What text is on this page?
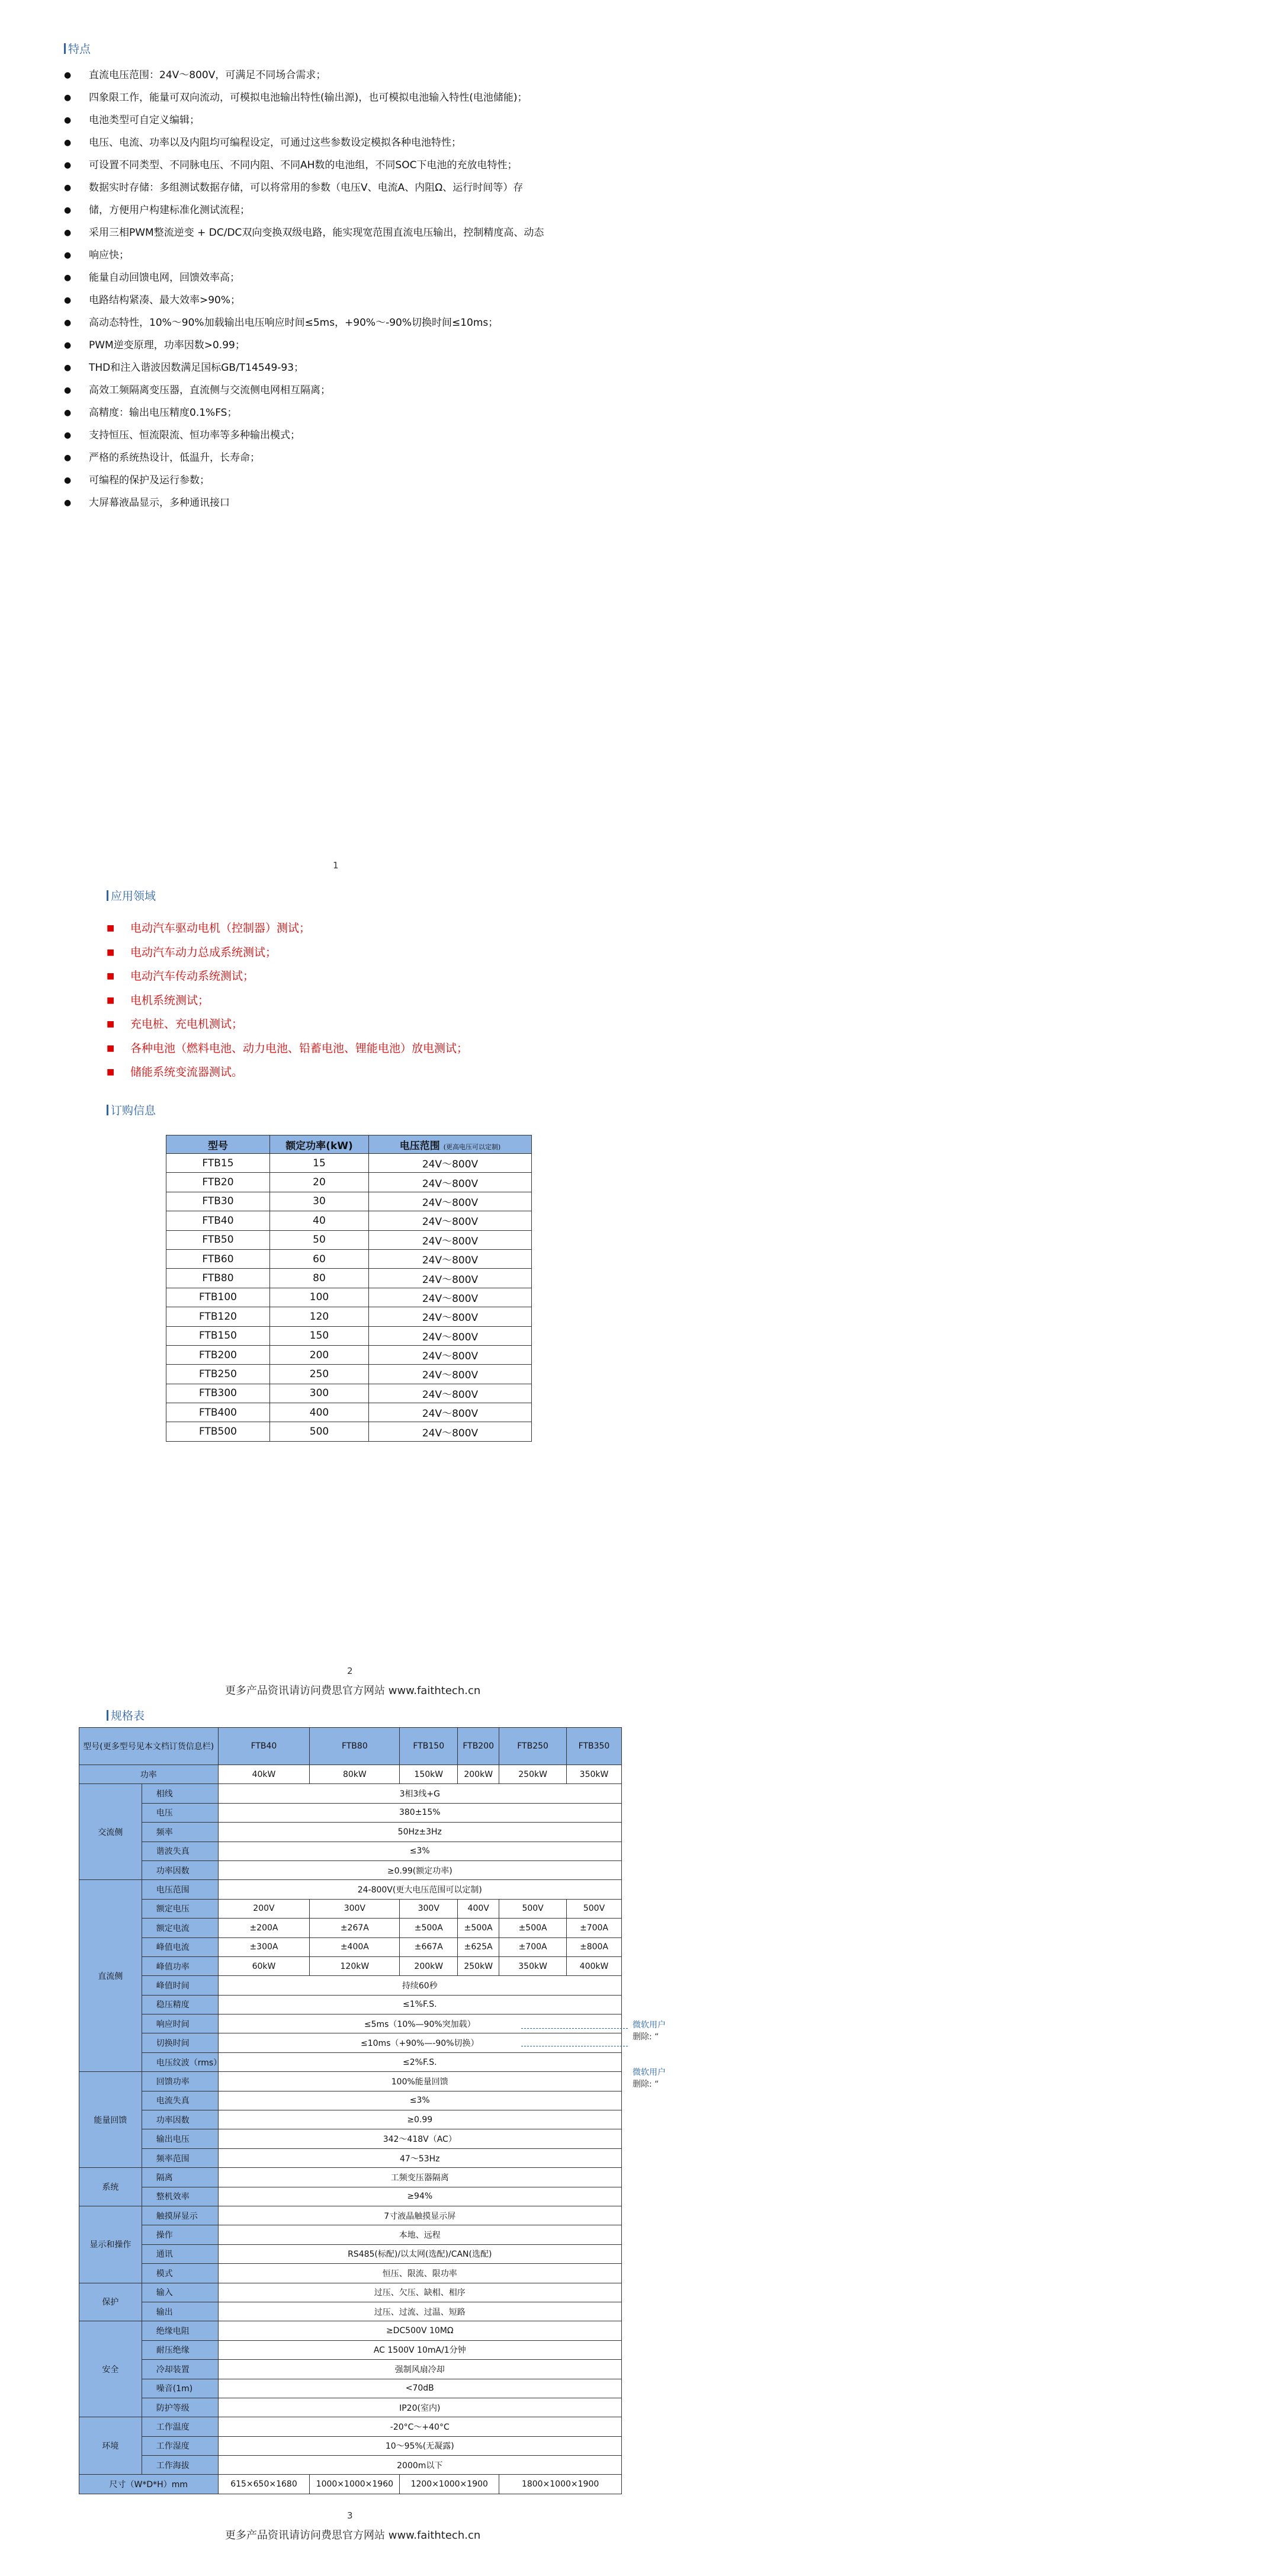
特点
● 直流电压范围：24V～800V，可满足不同场合需求；
● 四象限工作，能量可双向流动，可模拟电池输出特性(输出源)，也可模拟电池输入特性(电池储能)；
● 电池类型可自定义编辑；
● 电压、电流、功率以及内阻均可编程设定，可通过这些参数设定模拟各种电池特性；
● 可设置不同类型、不同脉电压、不同内阻、不同AH数的电池组，不同SOC下电池的充放电特性；
● 数据实时存储：多组测试数据存储，可以将常用的参数（电压V、电流A、内阻Ω、运行时间等）存
● 储，方便用户构建标准化测试流程；
● 采用三相PWM整流逆变 + DC/DC双向变换双级电路，能实现宽范围直流电压输出，控制精度高、动态
● 响应快；
● 能量自动回馈电网，回馈效率高；
● 电路结构紧凑、最大效率>90%；
● 高动态特性，10%～90%加载输出电压响应时间≤5ms，+90%～-90%切换时间≤10ms；
● PWM逆变原理，功率因数>0.99；
● THD和注入谐波因数满足国标GB/T14549-93；
● 高效工频隔离变压器，直流侧与交流侧电网相互隔离；
● 高精度：输出电压精度0.1%FS；
● 支持恒压、恒流限流、恒功率等多种输出模式；
● 严格的系统热设计，低温升，长寿命；
● 可编程的保护及运行参数；
● 大屏幕液晶显示，多种通讯接口
1
应用领域
■ 电动汽车驱动电机（控制器）测试；
■ 电动汽车动力总成系统测试；
■ 电动汽车传动系统测试；
■ 电机系统测试；
■ 充电桩、充电机测试；
■ 各种电池（燃料电池、动力电池、铅蓄电池、锂能电池）放电测试；
■ 储能系统变流器测试。
订购信息
型号	额定功率(kW)	电压范围 (更高电压可以定制)
FTB15	15	24V～800V
FTB20	20	24V～800V
FTB30	30	24V～800V
FTB40	40	24V～800V
FTB50	50	24V～800V
FTB60	60	24V～800V
FTB80	80	24V～800V
FTB100	100	24V～800V
FTB120	120	24V～800V
FTB150	150	24V～800V
FTB200	200	24V～800V
FTB250	250	24V～800V
FTB300	300	24V～800V
FTB400	400	24V～800V
FTB500	500	24V～800V
2
更多产品资讯请访问费思官方网站 www.faithtech.cn
规格表
型号(更多型号见本文档订货信息栏)		FTB40	FTB80	FTB150	FTB200	FTB250	FTB350
功率		40kW	80kW	150kW	200kW	250kW	350kW
交流侧	相线	3相3线+G					
	电压	380±15%					
	频率	50Hz±3Hz					
	谐波失真	≤3%					
	功率因数	≥0.99(额定功率)					
直流侧	电压范围	24-800V(更大电压范围可以定制)					
	额定电压	200V	300V	300V	400V	500V	500V
	额定电流	±200A	±267A	±500A	±500A	±500A	±700A
	峰值电流	±300A	±400A	±667A	±625A	±700A	±800A
	峰值功率	60kW	120kW	200kW	250kW	350kW	400kW
	峰值时间	持续60秒					
	稳压精度	≤1%F.S.					
	响应时间	≤5ms（10%—90%突加载）					
	切换时间	≤10ms（+90%—-90%切换）					
	电压纹波（rms）	≤2%F.S.					
能量回馈	回馈功率	100%能量回馈					
	电流失真	≤3%					
	功率因数	≥0.99					
	输出电压	342～418V（AC）					
	频率范围	47～53Hz					
系统	隔离	工频变压器隔离					
	整机效率	≥94%					
显示和操作	触摸屏显示	7寸液晶触摸显示屏					
	操作	本地、远程					
	通讯	RS485(标配)/以太网(选配)/CAN(选配)					
	模式	恒压、限流、限功率					
保护	输入	过压、欠压、缺相、相序					
	输出	过压、过流、过温、短路					
安全	绝缘电阻	≥DC500V 10MΩ					
	耐压绝缘	AC 1500V 10mA/1分钟					
	冷却装置	强制风扇冷却					
	噪音(1m)	<70dB					
	防护等级	IP20(室内)					
环境	工作温度	-20°C～+40°C					
	工作湿度	10～95%(无凝露)					
	工作海拔	2000m以下					
尺寸（W*D*H）mm		615×650×1680	1000×1000×1960	1200×1000×1900		1800×1000×1900	
微软用户
删除: “
微软用户
删除: “
3
更多产品资讯请访问费思官方网站 www.faithtech.cn
